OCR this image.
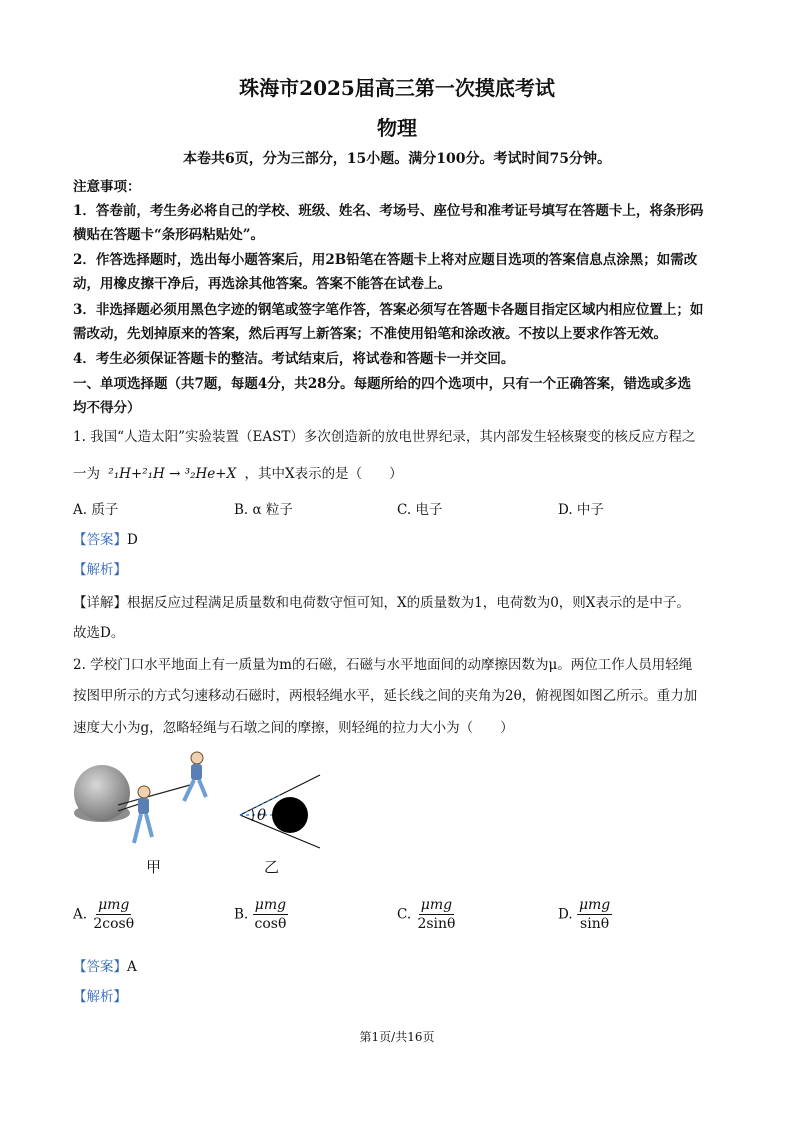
珠海市2025届高三第一次摸底考试
物理
本卷共6页，分为三部分，15小题。满分100分。考试时间75分钟。
注意事项：
1．答卷前，考生务必将自己的学校、班级、姓名、考场号、座位号和准考证号填写在答题卡上，将条形码
横贴在答题卡“条形码粘贴处”。
2．作答选择题时，选出每小题答案后，用2B铅笔在答题卡上将对应题目选项的答案信息点涂黑；如需改
动，用橡皮擦干净后，再选涂其他答案。答案不能答在试卷上。
3．非选择题必须用黑色字迹的钢笔或签字笔作答，答案必须写在答题卡各题目指定区域内相应位置上；如
需改动，先划掉原来的答案，然后再写上新答案；不准使用铅笔和涂改液。不按以上要求作答无效。
4．考生必须保证答题卡的整洁。考试结束后，将试卷和答题卡一并交回。
一、单项选择题（共7题，每题4分，共28分。每题所给的四个选项中，只有一个正确答案，错选或多选
均不得分）
1. 我国“人造太阳”实验装置（EAST）多次创造新的放电世界纪录，其内部发生轻核聚变的核反应方程之
一为 ²₁H+²₁H → ³₂He+X ，其中X表示的是（　　）
A. 质子	B. α 粒子	C. 电子	D. 中子
【答案】D
【解析】
【详解】根据反应过程满足质量数和电荷数守恒可知，X的质量数为1，电荷数为0，则X表示的是中子。
故选D。
2. 学校门口水平地面上有一质量为m的石磁，石磁与水平地面间的动摩擦因数为μ。两位工作人员用轻绳
按图甲所示的方式匀速移动石磁时，两根轻绳水平，延长线之间的夹角为2θ，俯视图如图乙所示。重力加
速度大小为g，忽略轻绳与石墩之间的摩擦，则轻绳的拉力大小为（　　）
甲
θ
乙
A. $\frac{\text{μmg}}{2\cos\theta}$	B. $\frac{\text{μmg}}{\cos\theta}$	C. $\frac{\text{μmg}}{2\sin\theta}$	D. $\frac{\text{μmg}}{\sin\theta}$
【答案】A
【解析】
第1页/共16页
